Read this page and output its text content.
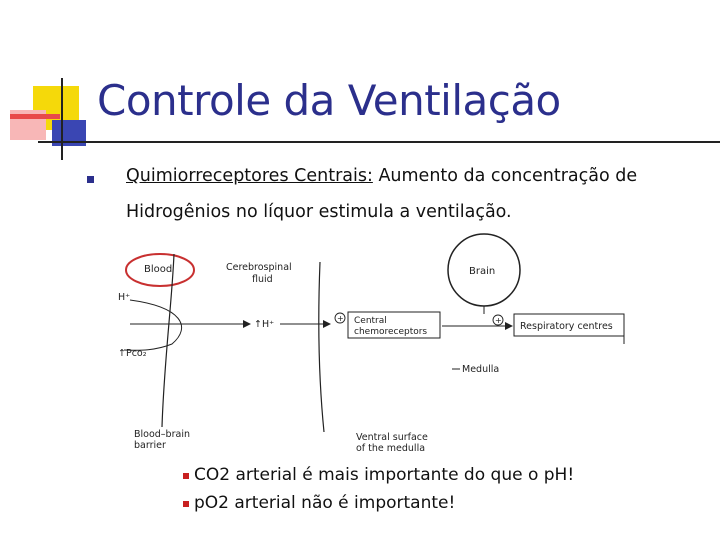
Controle da Ventilação
Quimiorreceptores Centrais: Aumento da concentração de
Hidrogênios no líquor estimula a ventilação.
Blood	Cerebrospinal
fluid
Brain
H⁺
↑Pco₂
↑H⁺
+ Central
chemoreceptors
+
Respiratory centres
Medulla
Blood–brain
barrier
Ventral surface
of the medulla
CO2 arterial é mais importante do que o pH!
pO2 arterial não é importante!
